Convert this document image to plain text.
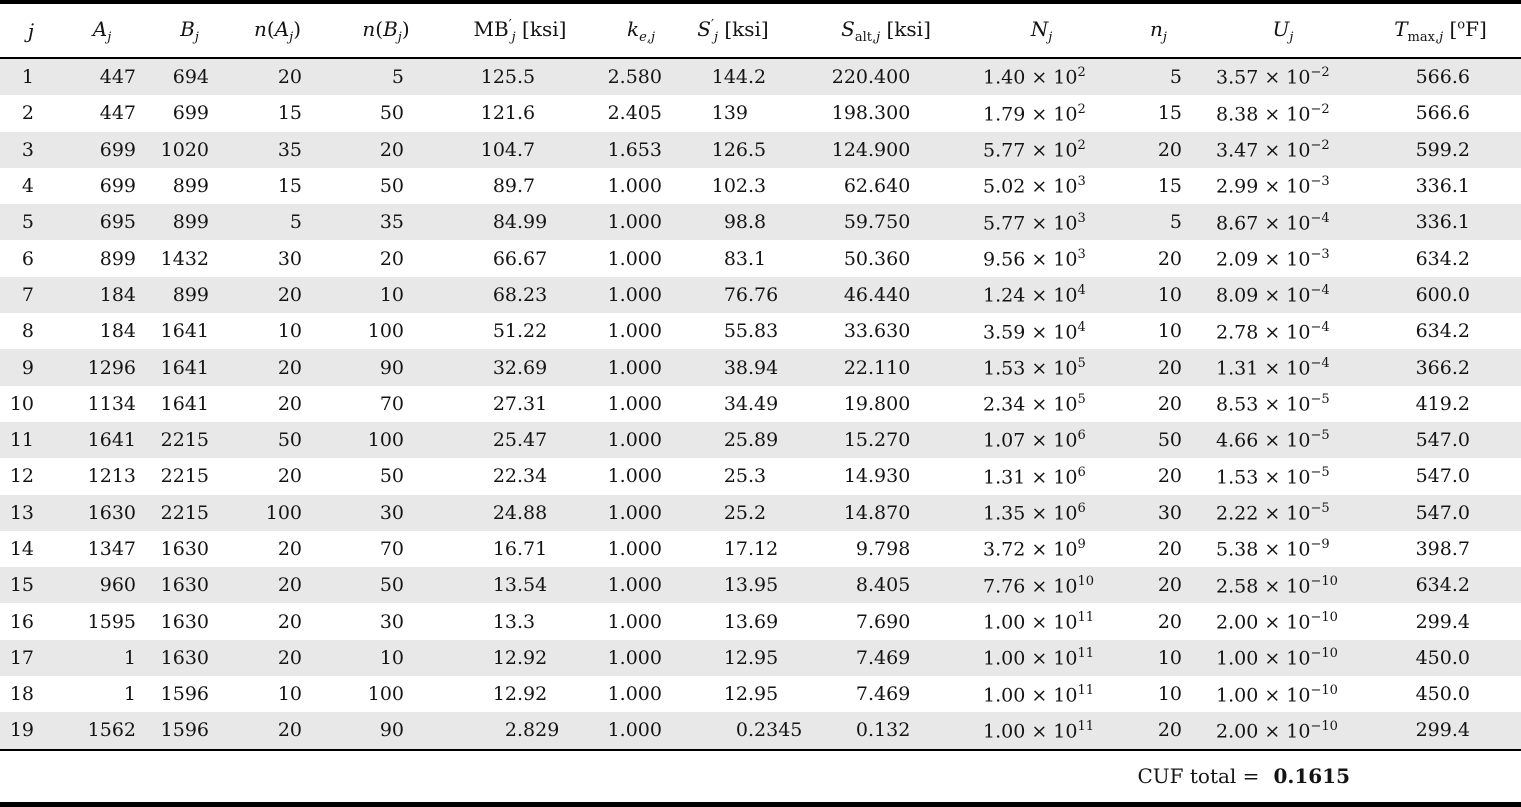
j	$A_j$	$B_j$	$n(A_j)$	$n(B_j)$	$MB'_j$ [ksi]	$k_{e,j}$	$S'_j$ [ksi]	$S_{alt,j}$ [ksi]	$N_j$	$n_j$	$U_j$	$T_{max,j}$ [$^o$F]
1	447	694	20	5	125 .5	2.580	144 .2	220 .400	$1.40 \times 10^2$	5	$3.57 \times 10^{-2}$	566.6
2	447	699	15	50	121 .6	2.405	139	198 .300	$1.79 \times 10^2$	15	$8.38 \times 10^{-2}$	566.6
3	699	1020	35	20	104 .7	1.653	126 .5	124 .900	$5.77 \times 10^2$	20	$3.47 \times 10^{-2}$	599.2
4	699	899	15	50	89 .7	1.000	102 .3	62 .640	$5.02 \times 10^3$	15	$2.99 \times 10^{-3}$	336.1
5	695	899	5	35	84 .99	1.000	98 .8	59 .750	$5.77 \times 10^3$	5	$8.67 \times 10^{-4}$	336.1
6	899	1432	30	20	66 .67	1.000	83 .1	50 .360	$9.56 \times 10^3$	20	$2.09 \times 10^{-3}$	634.2
7	184	899	20	10	68 .23	1.000	76 .76	46 .440	$1.24 \times 10^4$	10	$8.09 \times 10^{-4}$	600.0
8	184	1641	10	100	51 .22	1.000	55 .83	33 .630	$3.59 \times 10^4$	10	$2.78 \times 10^{-4}$	634.2
9	1296	1641	20	90	32 .69	1.000	38 .94	22 .110	$1.53 \times 10^5$	20	$1.31 \times 10^{-4}$	366.2
10	1134	1641	20	70	27 .31	1.000	34 .49	19 .800	$2.34 \times 10^5$	20	$8.53 \times 10^{-5}$	419.2
11	1641	2215	50	100	25 .47	1.000	25 .89	15 .270	$1.07 \times 10^6$	50	$4.66 \times 10^{-5}$	547.0
12	1213	2215	20	50	22 .34	1.000	25 .3	14 .930	$1.31 \times 10^6$	20	$1.53 \times 10^{-5}$	547.0
13	1630	2215	100	30	24 .88	1.000	25 .2	14 .870	$1.35 \times 10^6$	30	$2.22 \times 10^{-5}$	547.0
14	1347	1630	20	70	16 .71	1.000	17 .12	9 .798	$3.72 \times 10^9$	20	$5.38 \times 10^{-9}$	398.7
15	960	1630	20	50	13 .54	1.000	13 .95	8 .405	$7.76 \times 10^{10}$	20	$2.58 \times 10^{-10}$	634.2
16	1595	1630	20	30	13 .3	1.000	13 .69	7 .690	$1.00 \times 10^{11}$	20	$2.00 \times 10^{-10}$	299.4
17	1	1630	20	10	12 .92	1.000	12 .95	7 .469	$1.00 \times 10^{11}$	10	$1.00 \times 10^{-10}$	450.0
18	1	1596	10	100	12 .92	1.000	12 .95	7 .469	$1.00 \times 10^{11}$	10	$1.00 \times 10^{-10}$	450.0
19	1562	1596	20	90	2 .829	1.000	0 .2345	0 .132	$1.00 \times 10^{11}$	20	$2.00 \times 10^{-10}$	299.4
CUF total = 0.1615	
